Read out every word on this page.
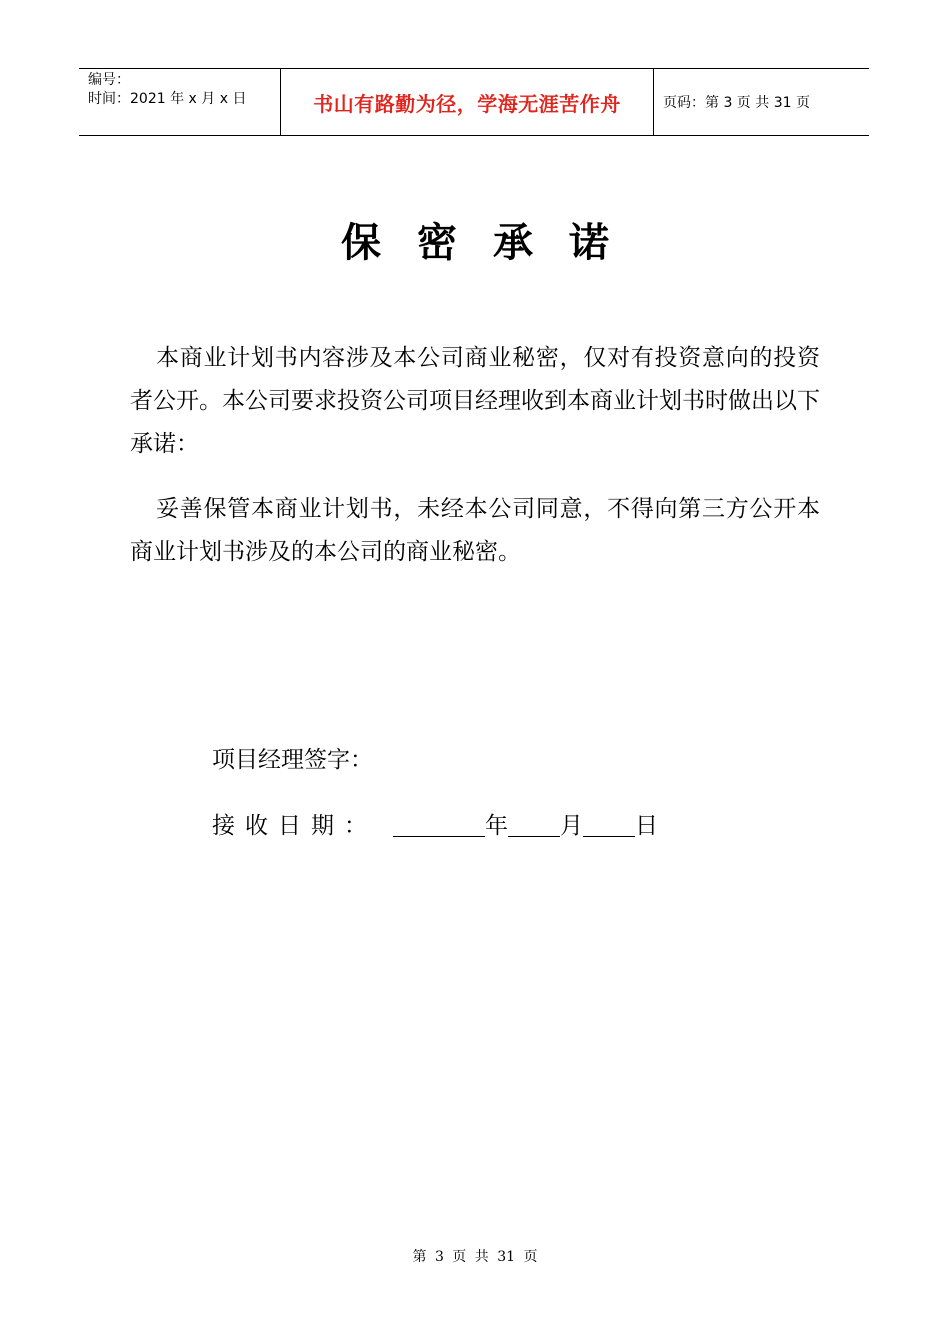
编号：
时间：2021 年 x 月 x 日	书山有路勤为径，学海无涯苦作舟	页码：第 3 页 共 31 页
保密承诺

本商业计划书内容涉及本公司商业秘密，仅对有投资意向的投资者公开。本公司要求投资公司项目经理收到本商业计划书时做出以下承诺：

妥善保管本商业计划书，未经本公司同意，不得向第三方公开本商业计划书涉及的本公司的商业秘密。

项目经理签字：
接收日期：	年 月 日
第 3 页 共 31 页
